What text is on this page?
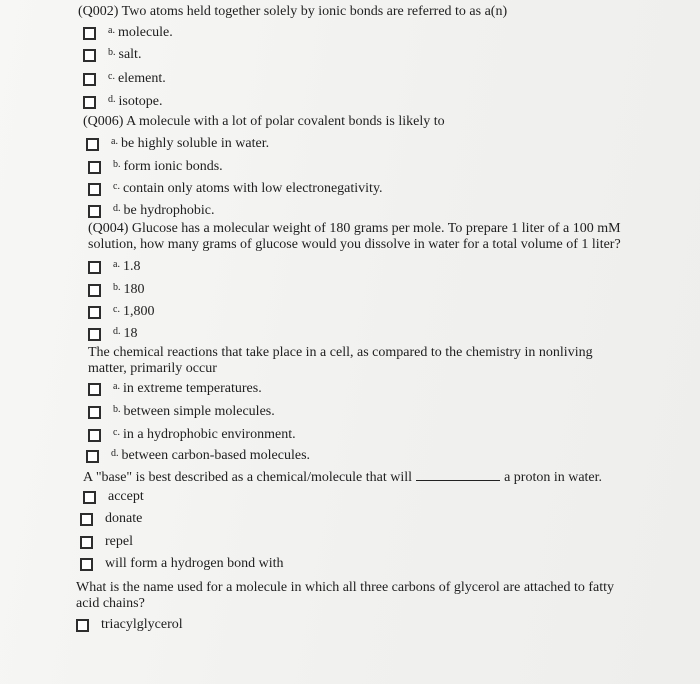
(Q002) Two atoms held together solely by ionic bonds are referred to as a(n)
a. molecule.
b. salt.
c. element.
d. isotope.
(Q006) A molecule with a lot of polar covalent bonds is likely to
a. be highly soluble in water.
b. form ionic bonds.
c. contain only atoms with low electronegativity.
d. be hydrophobic.
(Q004) Glucose has a molecular weight of 180 grams per mole. To prepare 1 liter of a 100 mM
solution, how many grams of glucose would you dissolve in water for a total volume of 1 liter?
a. 1.8
b. 180
c. 1,800
d. 18
The chemical reactions that take place in a cell, as compared to the chemistry in nonliving
matter, primarily occur
a. in extreme temperatures.
b. between simple molecules.
c. in a hydrophobic environment.
d. between carbon-based molecules.
A "base" is best described as a chemical/molecule that will	a proton in water.
accept
donate
repel
will form a hydrogen bond with
What is the name used for a molecule in which all three carbons of glycerol are attached to fatty
acid chains?
triacylglycerol
